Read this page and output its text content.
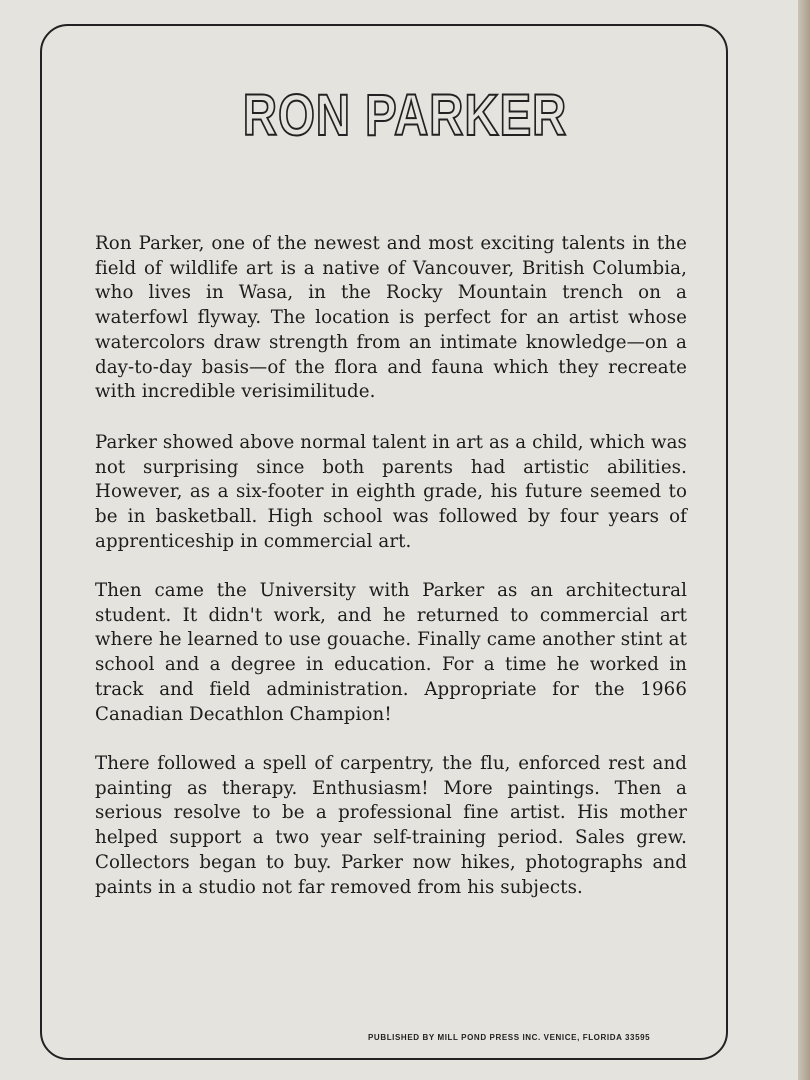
RON PARKER

Ron Parker, one of the newest and most exciting talents in the field of wildlife art is a native of Vancouver, British Columbia, who lives in Wasa, in the Rocky Mountain trench on a waterfowl flyway. The location is perfect for an artist whose watercolors draw strength from an intimate knowledge—on a day-to-day basis—of the flora and fauna which they recreate with incredible verisimilitude.

Parker showed above normal talent in art as a child, which was not surprising since both parents had artistic abilities. However, as a six-footer in eighth grade, his future seemed to be in basketball. High school was followed by four years of apprenticeship in commercial art.

Then came the University with Parker as an architectural student. It didn't work, and he returned to commercial art where he learned to use gouache. Finally came another stint at school and a degree in education. For a time he worked in track and field administration. Appropriate for the 1966 Canadian Decathlon Champion!

There followed a spell of carpentry, the flu, enforced rest and painting as therapy. Enthusiasm! More paintings. Then a serious resolve to be a professional fine artist. His mother helped support a two year self-training period. Sales grew. Collectors began to buy. Parker now hikes, photographs and paints in a studio not far removed from his subjects.

PUBLISHED BY MILL POND PRESS INC. VENICE, FLORIDA 33595
